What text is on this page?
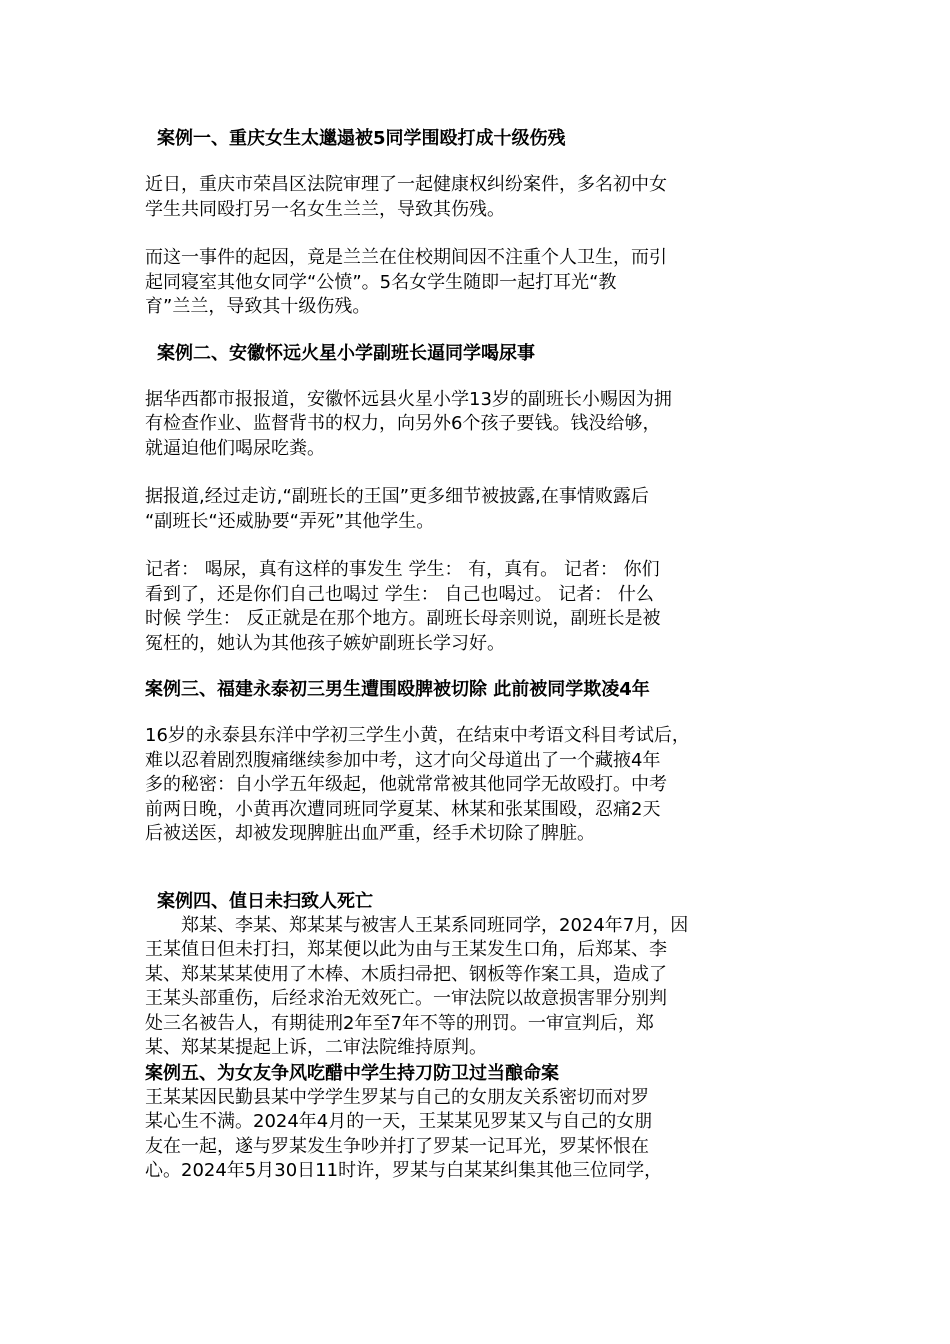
案例一、重庆女生太邋遢被5同学围殴打成十级伤残

近日，重庆市荣昌区法院审理了一起健康权纠纷案件，多名初中女
学生共同殴打另一名女生兰兰，导致其伤残。

而这一事件的起因，竟是兰兰在住校期间因不注重个人卫生，而引
起同寝室其他女同学“公愤”。5名女学生随即一起打耳光“教
育”兰兰，导致其十级伤残。

案例二、安徽怀远火星小学副班长逼同学喝尿事

据华西都市报报道，安徽怀远县火星小学13岁的副班长小赐因为拥
有检查作业、监督背书的权力，向另外6个孩子要钱。钱没给够，
就逼迫他们喝尿吃粪。

据报道,经过走访,“副班长的王国”更多细节被披露,在事情败露后
“副班长“还威胁要“弄死”其他学生。

记者： 喝尿，真有这样的事发生 学生： 有，真有。 记者： 你们
看到了，还是你们自己也喝过 学生： 自己也喝过。 记者： 什么
时候 学生： 反正就是在那个地方。副班长母亲则说，副班长是被
冤枉的，她认为其他孩子嫉妒副班长学习好。

案例三、福建永泰初三男生遭围殴脾被切除 此前被同学欺凌4年

16岁的永泰县东洋中学初三学生小黄，在结束中考语文科目考试后，
难以忍着剧烈腹痛继续参加中考，这才向父母道出了一个藏掖4年
多的秘密：自小学五年级起，他就常常被其他同学无故殴打。中考
前两日晚，小黄再次遭同班同学夏某、林某和张某围殴，忍痛2天
后被送医，却被发现脾脏出血严重，经手术切除了脾脏。

案例四、值日未扫致人死亡

郑某、李某、郑某某与被害人王某系同班同学，2024年7月，因
王某值日但未打扫，郑某便以此为由与王某发生口角，后郑某、李
某、郑某某某使用了木棒、木质扫帚把、钢板等作案工具，造成了
王某头部重伤，后经求治无效死亡。一审法院以故意损害罪分别判
处三名被告人，有期徒刑2年至7年不等的刑罚。一审宣判后，郑
某、郑某某提起上诉，二审法院维持原判。

案例五、为女友争风吃醋中学生持刀防卫过当酿命案

王某某因民勤县某中学学生罗某与自己的女朋友关系密切而对罗
某心生不满。2024年4月的一天，王某某见罗某又与自己的女朋
友在一起，遂与罗某发生争吵并打了罗某一记耳光，罗某怀恨在
心。2024年5月30日11时许，罗某与白某某纠集其他三位同学，
